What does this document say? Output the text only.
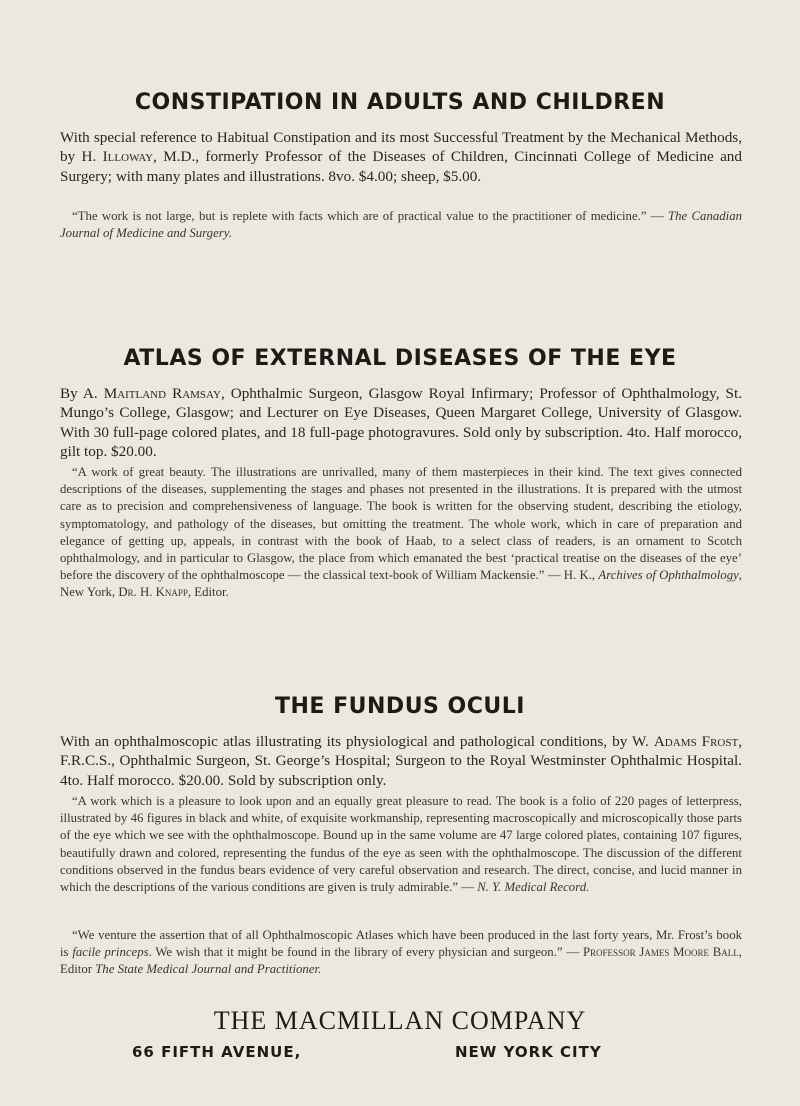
CONSTIPATION IN ADULTS AND CHILDREN

With special reference to Habitual Constipation and its most Successful Treatment by the Mechanical Methods, by H. Illoway, M.D., formerly Professor of the Diseases of Children, Cincinnati College of Medicine and Surgery; with many plates and illustrations. 8vo. $4.00; sheep, $5.00.

“The work is not large, but is replete with facts which are of practical value to the practitioner of medicine.” — The Canadian Journal of Medicine and Surgery.

ATLAS OF EXTERNAL DISEASES OF THE EYE

By A. Maitland Ramsay, Ophthalmic Surgeon, Glasgow Royal Infirmary; Professor of Ophthalmology, St. Mungo’s College, Glasgow; and Lecturer on Eye Diseases, Queen Margaret College, University of Glasgow. With 30 full-page colored plates, and 18 full-page photogravures. Sold only by subscription. 4to. Half morocco, gilt top. $20.00.

“A work of great beauty. The illustrations are unrivalled, many of them masterpieces in their kind. The text gives connected descriptions of the diseases, supplementing the stages and phases not presented in the illustrations. It is prepared with the utmost care as to precision and comprehensiveness of language. The book is written for the observing student, describing the etiology, symptomatology, and pathology of the diseases, but omitting the treatment. The whole work, which in care of preparation and elegance of getting up, appeals, in contrast with the book of Haab, to a select class of readers, is an ornament to Scotch ophthalmology, and in particular to Glasgow, the place from which emanated the best ‘practical treatise on the diseases of the eye’ before the discovery of the ophthalmoscope — the classical text-book of William Mackensie.” — H. K., Archives of Ophthalmology, New York, Dr. H. Knapp, Editor.

THE FUNDUS OCULI

With an ophthalmoscopic atlas illustrating its physiological and pathological conditions, by W. Adams Frost, F.R.C.S., Ophthalmic Surgeon, St. George’s Hospital; Surgeon to the Royal Westminster Ophthalmic Hospital. 4to. Half morocco. $20.00. Sold by subscription only.

“A work which is a pleasure to look upon and an equally great pleasure to read. The book is a folio of 220 pages of letterpress, illustrated by 46 figures in black and white, of exquisite workmanship, representing macroscopically and microscopically those parts of the eye which we see with the ophthalmoscope. Bound up in the same volume are 47 large colored plates, containing 107 figures, beautifully drawn and colored, representing the fundus of the eye as seen with the ophthalmoscope. The discussion of the different conditions observed in the fundus bears evidence of very careful observation and research. The direct, concise, and lucid manner in which the descriptions of the various conditions are given is truly admirable.” — N. Y. Medical Record.

“We venture the assertion that of all Ophthalmoscopic Atlases which have been produced in the last forty years, Mr. Frost’s book is facile princeps. We wish that it might be found in the library of every physician and surgeon.” — Professor James Moore Ball, Editor The State Medical Journal and Practitioner.

THE MACMILLAN COMPANY
66 FIFTH AVENUE,	NEW YORK CITY
